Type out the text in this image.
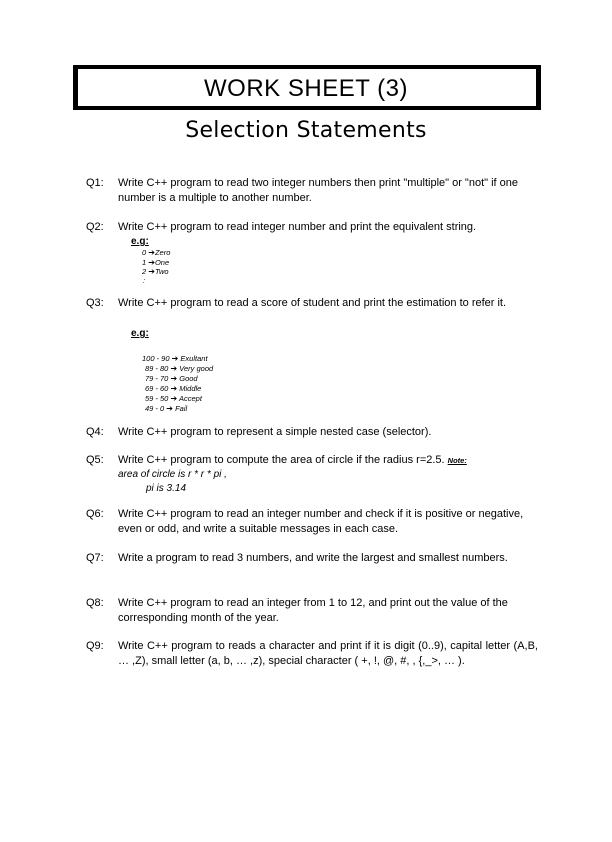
WORK SHEET (3)
Selection Statements
Q1: Write C++ program to read two integer numbers then print "multiple" or "not" if one number is a multiple to another number.
Q2: Write C++ program to read integer number and print the equivalent string.
e.g:
0 ➔Zero
1 ➔One
2 ➔Two
:
Q3: Write C++ program to read a score of student and print the estimation to refer it.
e.g:
100 - 90 ➔ Exultant
89 - 80 ➔ Very good
79 - 70 ➔ Good
69 - 60 ➔ Middle
59 - 50 ➔ Accept
49 - 0 ➔ Fail
Q4: Write C++ program to represent a simple nested case (selector).
Q5: Write C++ program to compute the area of circle if the radius r=2.5. Note:
area of circle is r * r * pi ,
pi is 3.14
Q6: Write C++ program to read an integer number and check if it is positive or negative, even or odd, and write a suitable messages in each case.
Q7: Write a program to read 3 numbers, and write the largest and smallest numbers.
Q8: Write C++ program to read an integer from 1 to 12, and print out the value of the corresponding month of the year.
Q9: Write C++ program to reads a character and print if it is digit (0..9), capital letter (A,B, … ,Z), small letter (a, b, … ,z), special character ( +, !, @, #, , {,_>, … ).
